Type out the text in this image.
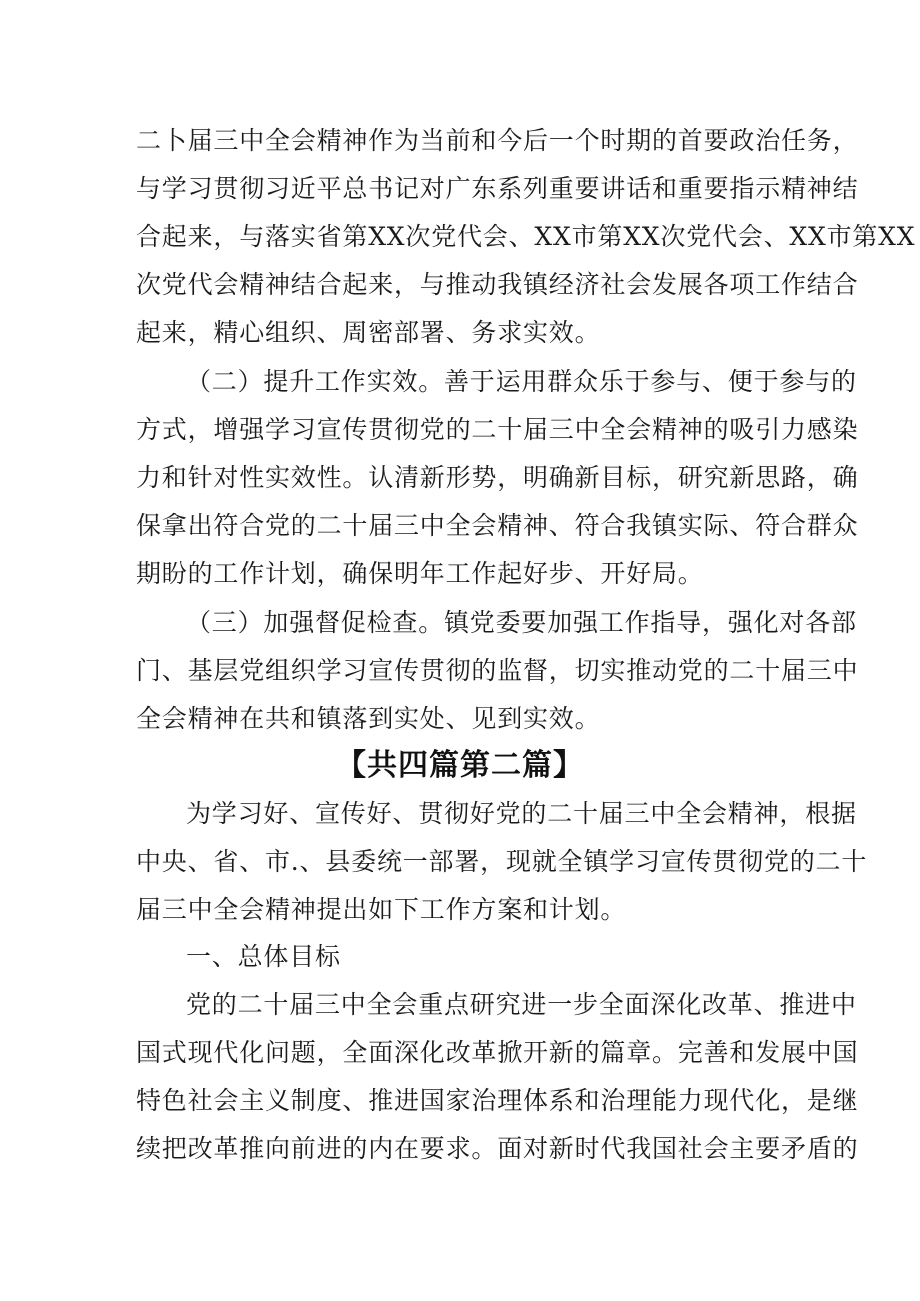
二卜届三中全会精神作为当前和今后一个时期的首要政治任务，
与学习贯彻习近平总书记对广东系列重要讲话和重要指示精神结
合起来，与落实省第XX次党代会、XX市第XX次党代会、XX市第XX
次党代会精神结合起来，与推动我镇经济社会发展各项工作结合
起来，精心组织、周密部署、务求实效。
（二）提升工作实效。善于运用群众乐于参与、便于参与的
方式，增强学习宣传贯彻党的二十届三中全会精神的吸引力感染
力和针对性实效性。认清新形势，明确新目标，研究新思路，确
保拿出符合党的二十届三中全会精神、符合我镇实际、符合群众
期盼的工作计划，确保明年工作起好步、开好局。
（三）加强督促检查。镇党委要加强工作指导，强化对各部
门、基层党组织学习宣传贯彻的监督，切实推动党的二十届三中
全会精神在共和镇落到实处、见到实效。
【共四篇第二篇】
为学习好、宣传好、贯彻好党的二十届三中全会精神，根据
中央、省、市.、县委统一部署，现就全镇学习宣传贯彻党的二十
届三中全会精神提出如下工作方案和计划。
一、总体目标
党的二十届三中全会重点研究进一步全面深化改革、推进中
国式现代化问题，全面深化改革掀开新的篇章。完善和发展中国
特色社会主义制度、推进国家治理体系和治理能力现代化，是继
续把改革推向前进的内在要求。面对新时代我国社会主要矛盾的
